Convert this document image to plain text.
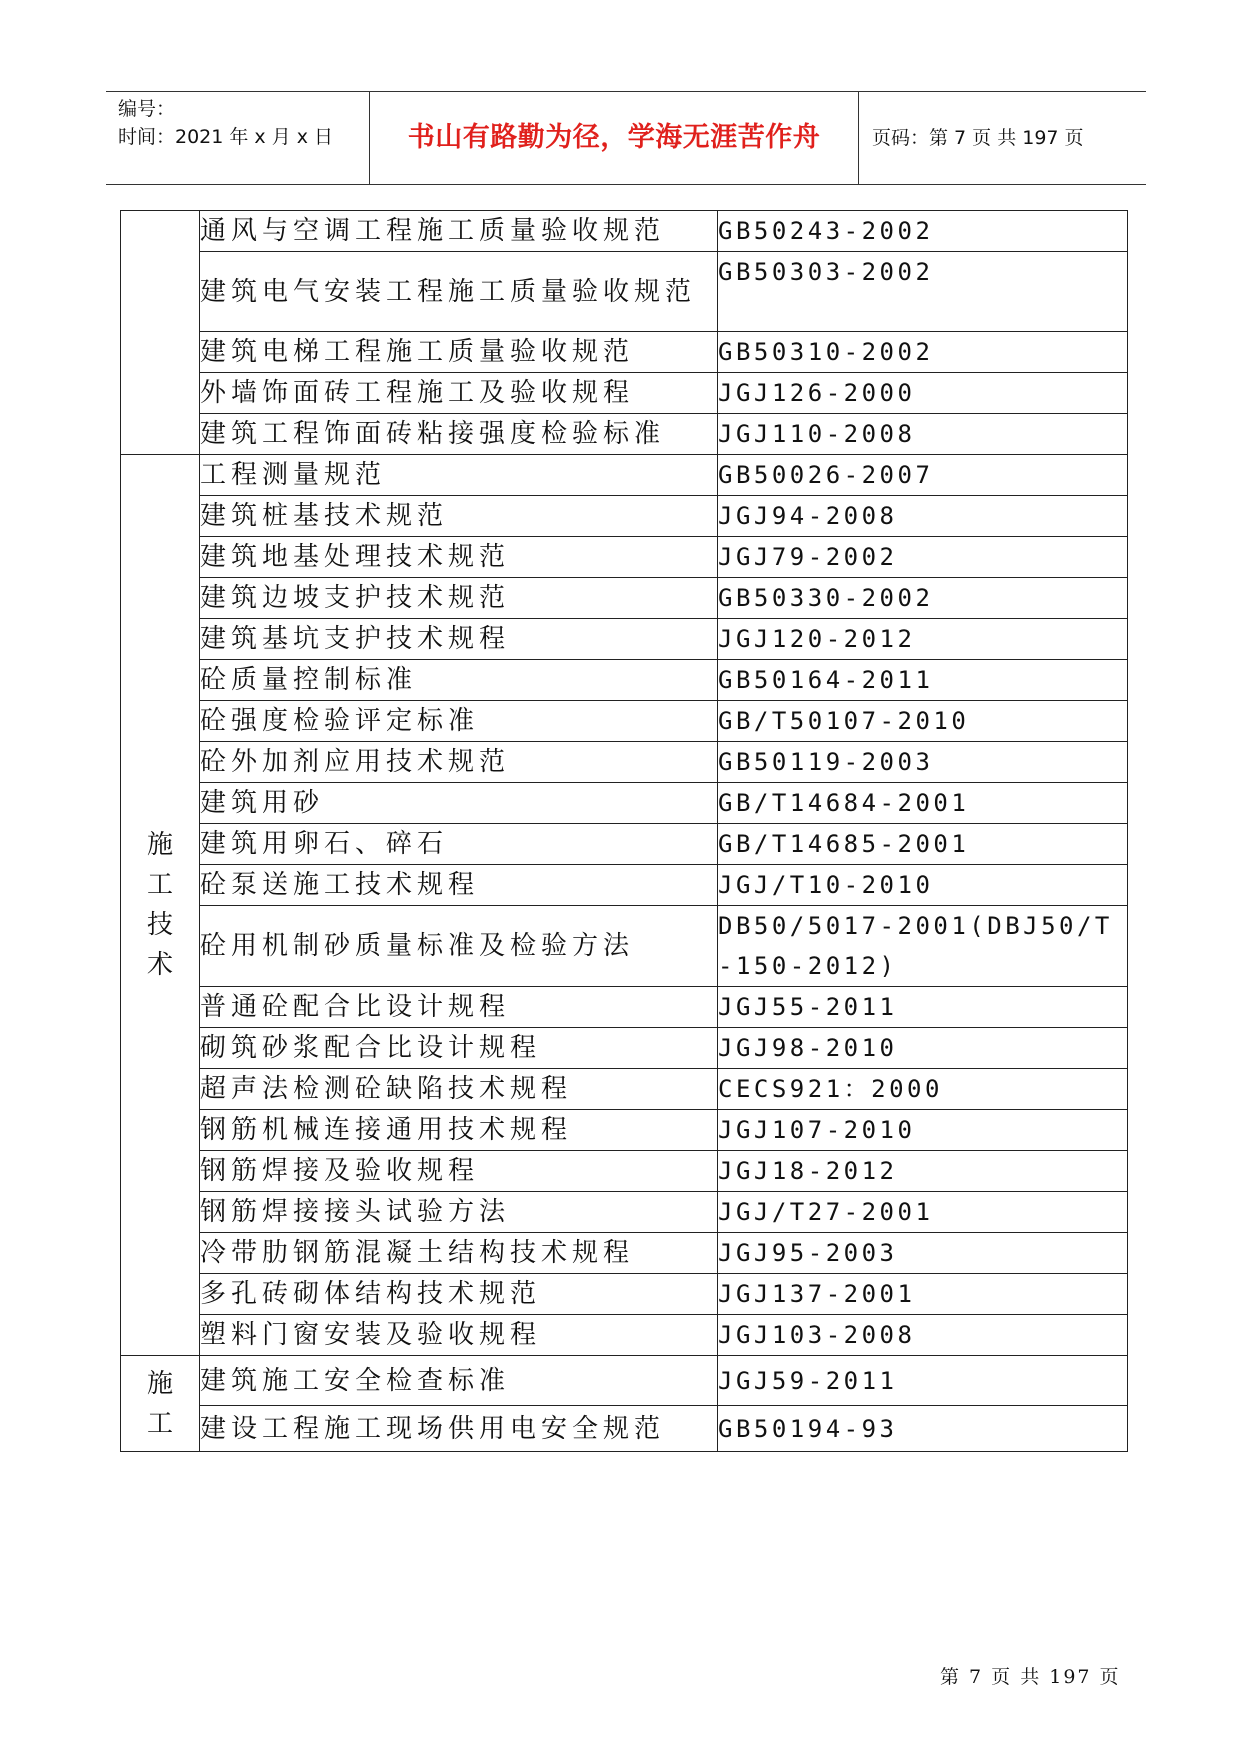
编号：
时间：2021 年 x 月 x 日	书山有路勤为径，学海无涯苦作舟	页码：第 7 页 共 197 页
	通风与空调工程施工质量验收规范	GB50243-2002
	建筑电气安装工程施工质量验收规范	GB50303-2002
	建筑电梯工程施工质量验收规范	GB50310-2002
	外墙饰面砖工程施工及验收规程	JGJ126-2000
	建筑工程饰面砖粘接强度检验标准	JGJ110-2008

施
工
技
术	工程测量规范	GB50026-2007
	建筑桩基技术规范	JGJ94-2008
	建筑地基处理技术规范	JGJ79-2002
	建筑边坡支护技术规范	GB50330-2002
	建筑基坑支护技术规程	JGJ120-2012
	砼质量控制标准	GB50164-2011
	砼强度检验评定标准	GB/T50107-2010
	砼外加剂应用技术规范	GB50119-2003
	建筑用砂	GB/T14684-2001
	建筑用卵石、碎石	GB/T14685-2001
	砼泵送施工技术规程	JGJ/T10-2010
	砼用机制砂质量标准及检验方法	DB50/5017-2001(DBJ50/T-150-2012)
	普通砼配合比设计规程	JGJ55-2011
	砌筑砂浆配合比设计规程	JGJ98-2010
	超声法检测砼缺陷技术规程	CECS921：2000
	钢筋机械连接通用技术规程	JGJ107-2010
	钢筋焊接及验收规程	JGJ18-2012
	钢筋焊接接头试验方法	JGJ/T27-2001
	冷带肋钢筋混凝土结构技术规程	JGJ95-2003
	多孔砖砌体结构技术规范	JGJ137-2001
	塑料门窗安装及验收规程	JGJ103-2008

施
工	建筑施工安全检查标准	JGJ59-2011
	建设工程施工现场供用电安全规范	GB50194-93
第 7 页 共 197 页
